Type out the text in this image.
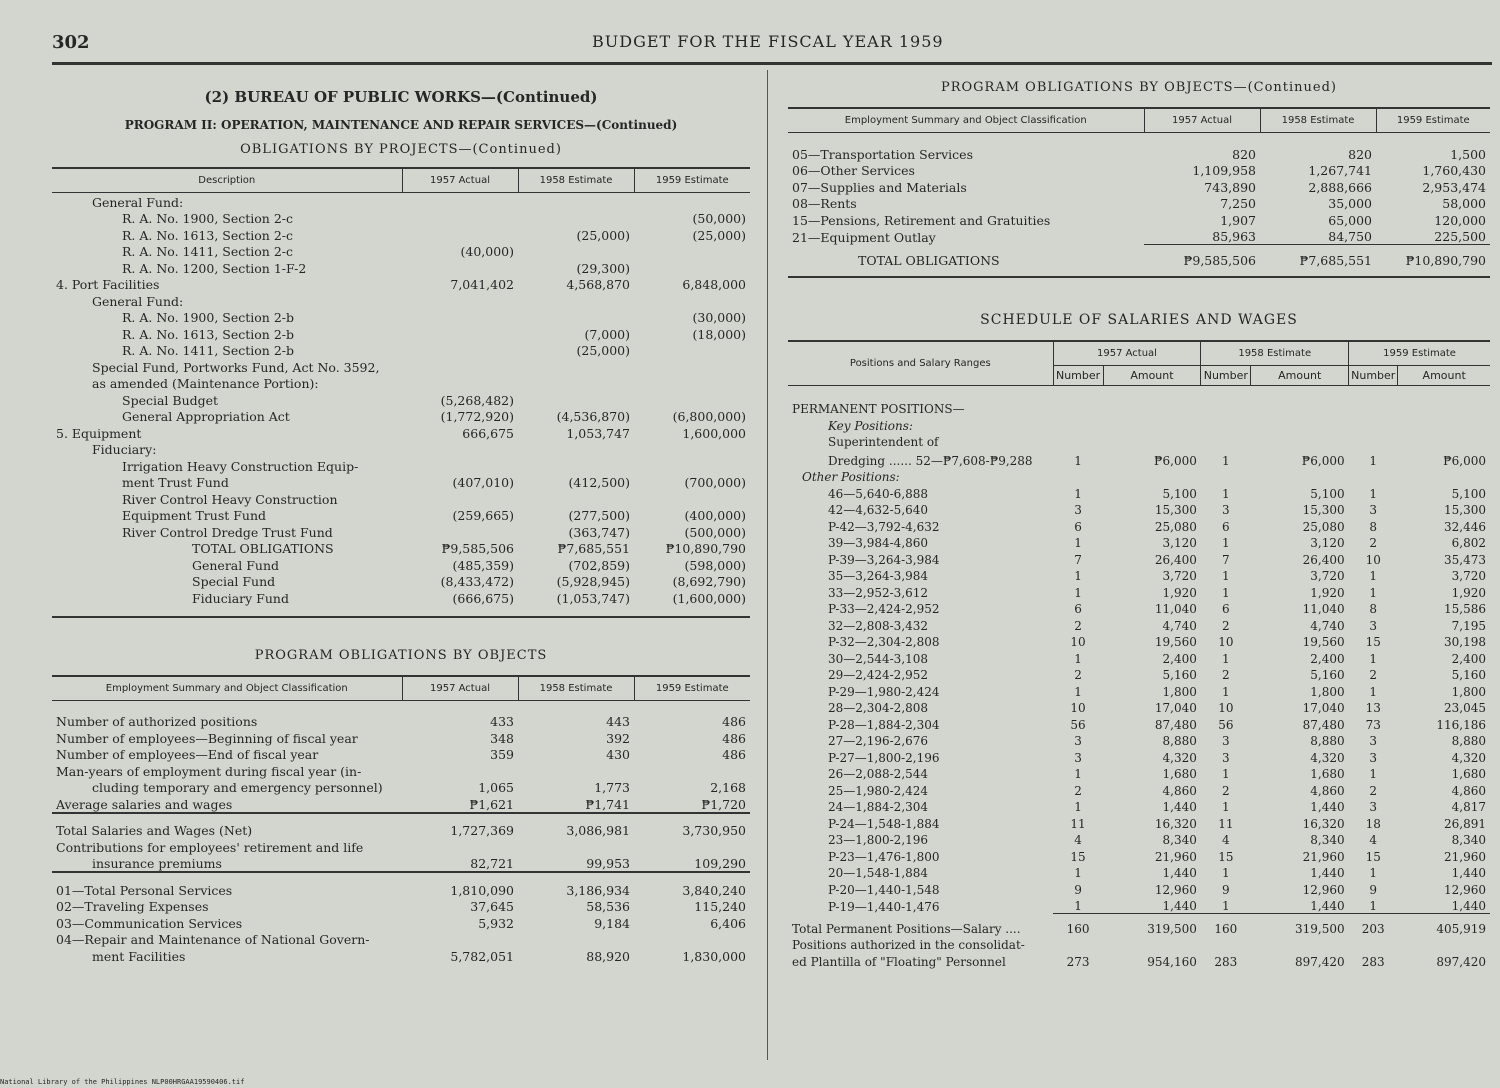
302	BUDGET FOR THE FISCAL YEAR 1959
(2) BUREAU OF PUBLIC WORKS—(Continued)
PROGRAM II: OPERATION, MAINTENANCE AND REPAIR SERVICES—(Continued)
OBLIGATIONS BY PROJECTS—(Continued)
Description	1957 Actual	1958 Estimate	1959 Estimate
General Fund:			
R. A. No. 1900, Section 2-c			(50,000)
R. A. No. 1613, Section 2-c		(25,000)	(25,000)
R. A. No. 1411, Section 2-c	(40,000)		
R. A. No. 1200, Section 1-F-2		(29,300)	
4. Port Facilities	7,041,402	4,568,870	6,848,000
General Fund:			
R. A. No. 1900, Section 2-b			(30,000)
R. A. No. 1613, Section 2-b		(7,000)	(18,000)
R. A. No. 1411, Section 2-b		(25,000)	
Special Fund, Portworks Fund, Act No. 3592,			
as amended (Maintenance Portion):			
Special Budget	(5,268,482)		
General Appropriation Act	(1,772,920)	(4,536,870)	(6,800,000)
5. Equipment	666,675	1,053,747	1,600,000
Fiduciary:			
Irrigation Heavy Construction Equip-			
ment Trust Fund	(407,010)	(412,500)	(700,000)
River Control Heavy Construction			
Equipment Trust Fund	(259,665)	(277,500)	(400,000)
River Control Dredge Trust Fund		(363,747)	(500,000)
TOTAL OBLIGATIONS	₱9,585,506	₱7,685,551	₱10,890,790
General Fund	(485,359)	(702,859)	(598,000)
Special Fund	(8,433,472)	(5,928,945)	(8,692,790)
Fiduciary Fund	(666,675)	(1,053,747)	(1,600,000)
PROGRAM OBLIGATIONS BY OBJECTS
Employment Summary and Object Classification	1957 Actual	1958 Estimate	1959 Estimate
Number of authorized positions	433	443	486
Number of employees—Beginning of fiscal year	348	392	486
Number of employees—End of fiscal year	359	430	486
Man-years of employment during fiscal year (in-			
cluding temporary and emergency personnel)	1,065	1,773	2,168
Average salaries and wages	₱1,621	₱1,741	₱1,720
Total Salaries and Wages (Net)	1,727,369	3,086,981	3,730,950
Contributions for employees' retirement and life			
insurance premiums	82,721	99,953	109,290
01—Total Personal Services	1,810,090	3,186,934	3,840,240
02—Traveling Expenses	37,645	58,536	115,240
03—Communication Services	5,932	9,184	6,406
04—Repair and Maintenance of National Govern-			
ment Facilities	5,782,051	88,920	1,830,000
PROGRAM OBLIGATIONS BY OBJECTS—(Continued)
Employment Summary and Object Classification	1957 Actual	1958 Estimate	1959 Estimate
05—Transportation Services	820	820	1,500
06—Other Services	1,109,958	1,267,741	1,760,430
07—Supplies and Materials	743,890	2,888,666	2,953,474
08—Rents	7,250	35,000	58,000
15—Pensions, Retirement and Gratuities	1,907	65,000	120,000
21—Equipment Outlay	85,963	84,750	225,500
TOTAL OBLIGATIONS	₱9,585,506	₱7,685,551	₱10,890,790
SCHEDULE OF SALARIES AND WAGES
Positions and Salary Ranges	1957 Actual		1958 Estimate		1959 Estimate	
	Number	Amount	Number	Amount	Number	Amount
PERMANENT POSITIONS—						
Key Positions:						
Superintendent of						
Dredging ...... 52—₱7,608-₱9,288	1	₱6,000	1	₱6,000	1	₱6,000
Other Positions:						
46—5,640-6,888	1	5,100	1	5,100	1	5,100
42—4,632-5,640	3	15,300	3	15,300	3	15,300
P-42—3,792-4,632	6	25,080	6	25,080	8	32,446
39—3,984-4,860	1	3,120	1	3,120	2	6,802
P-39—3,264-3,984	7	26,400	7	26,400	10	35,473
35—3,264-3,984	1	3,720	1	3,720	1	3,720
33—2,952-3,612	1	1,920	1	1,920	1	1,920
P-33—2,424-2,952	6	11,040	6	11,040	8	15,586
32—2,808-3,432	2	4,740	2	4,740	3	7,195
P-32—2,304-2,808	10	19,560	10	19,560	15	30,198
30—2,544-3,108	1	2,400	1	2,400	1	2,400
29—2,424-2,952	2	5,160	2	5,160	2	5,160
P-29—1,980-2,424	1	1,800	1	1,800	1	1,800
28—2,304-2,808	10	17,040	10	17,040	13	23,045
P-28—1,884-2,304	56	87,480	56	87,480	73	116,186
27—2,196-2,676	3	8,880	3	8,880	3	8,880
P-27—1,800-2,196	3	4,320	3	4,320	3	4,320
26—2,088-2,544	1	1,680	1	1,680	1	1,680
25—1,980-2,424	2	4,860	2	4,860	2	4,860
24—1,884-2,304	1	1,440	1	1,440	3	4,817
P-24—1,548-1,884	11	16,320	11	16,320	18	26,891
23—1,800-2,196	4	8,340	4	8,340	4	8,340
P-23—1,476-1,800	15	21,960	15	21,960	15	21,960
20—1,548-1,884	1	1,440	1	1,440	1	1,440
P-20—1,440-1,548	9	12,960	9	12,960	9	12,960
P-19—1,440-1,476	1	1,440	1	1,440	1	1,440
Total Permanent Positions—Salary ....	160	319,500	160	319,500	203	405,919
Positions authorized in the consolidat-						
ed Plantilla of "Floating" Personnel	273	954,160	283	897,420	283	897,420
National Library of the Philippines NLP00HRGAA19590406.tif
